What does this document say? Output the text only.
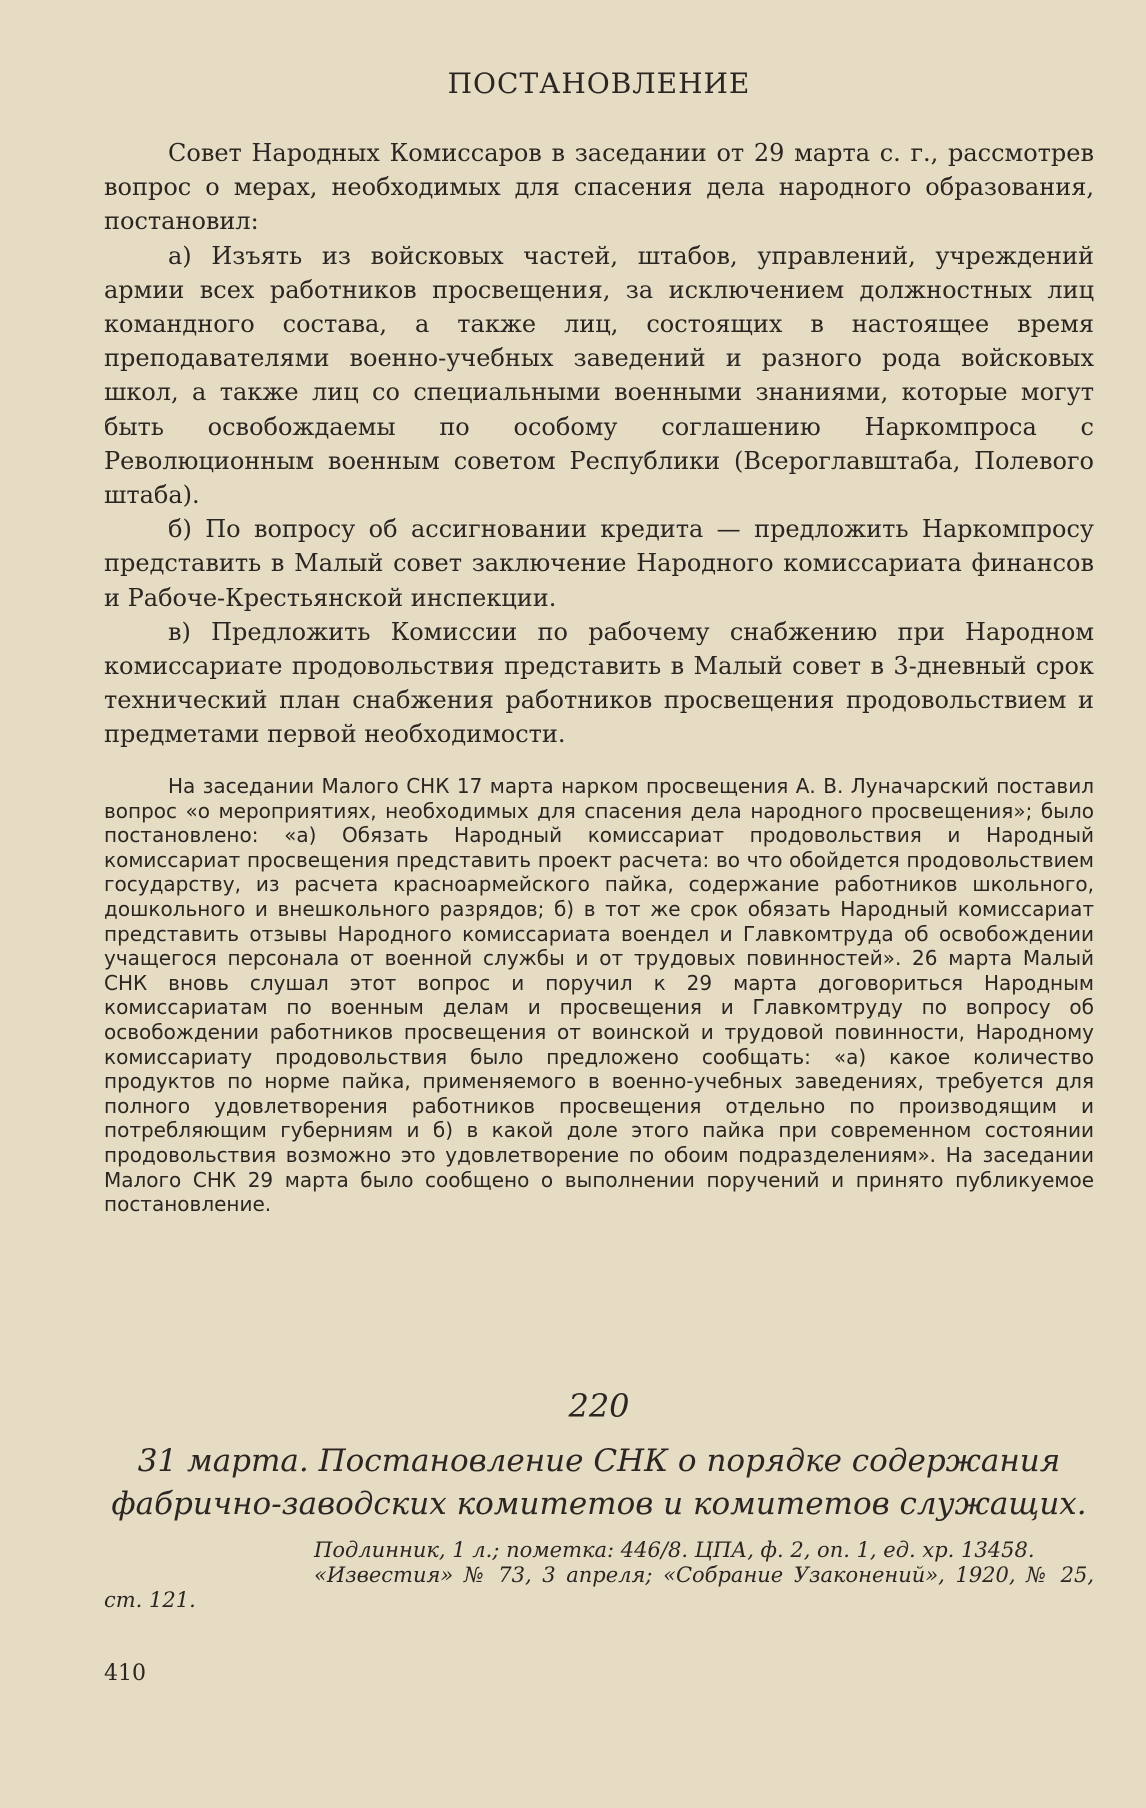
ПОСТАНОВЛЕНИЕ

Совет Народных Комиссаров в заседании от 29 марта с. г., рассмотрев вопрос о мерах, необходимых для спасения дела народного образования, постановил:

а) Изъять из войсковых частей, штабов, управлений, учреждений армии всех работников просвещения, за исключением должностных лиц командного состава, а также лиц, состоящих в настоящее время преподавателями военно-учебных заведений и разного рода войсковых школ, а также лиц со специальными военными знаниями, которые могут быть освобождаемы по особому соглашению Наркомпроса с Революционным военным советом Республики (Всероглавштаба, Полевого штаба).

б) По вопросу об ассигновании кредита — предложить Наркомпросу представить в Малый совет заключение Народного комиссариата финансов и Рабоче-Крестьянской инспекции.

в) Предложить Комиссии по рабочему снабжению при Народном комиссариате продовольствия представить в Малый совет в 3-дневный срок технический план снабжения работников просвещения продовольствием и предметами первой необходимости.

На заседании Малого СНК 17 марта нарком просвещения А. В. Луначарский поставил вопрос «о мероприятиях, необходимых для спасения дела народного просвещения»; было постановлено: «а) Обязать Народный комиссариат продовольствия и Народный комиссариат просвещения представить проект расчета: во что обойдется продовольствием государству, из расчета красноармейского пайка, содержание работников школьного, дошкольного и внешкольного разрядов; б) в тот же срок обязать Народный комиссариат представить отзывы Народного комиссариата воендел и Главкомтруда об освобождении учащегося персонала от военной службы и от трудовых повинностей». 26 марта Малый СНК вновь слушал этот вопрос и поручил к 29 марта договориться Народным комиссариатам по военным делам и просвещения и Главкомтруду по вопросу об освобождении работников просвещения от воинской и трудовой повинности, Народному комиссариату продовольствия было предложено сообщать: «а) какое количество продуктов по норме пайка, применяемого в военно-учебных заведениях, требуется для полного удовлетворения работников просвещения отдельно по производящим и потребляющим губерниям и б) в какой доле этого пайка при современном состоянии продовольствия возможно это удовлетворение по обоим подразделениям». На заседании Малого СНК 29 марта было сообщено о выполнении поручений и принято публикуемое постановление.

220
31 марта. Постановление СНК о порядке содержания фабрично-заводских комитетов и комитетов служащих.

Подлинник, 1 л.; пометка: 446/8. ЦПА, ф. 2, оп. 1, ед. хр. 13458.

«Известия» № 73, 3 апреля; «Собрание Узаконений», 1920, № 25, ст. 121.

410
